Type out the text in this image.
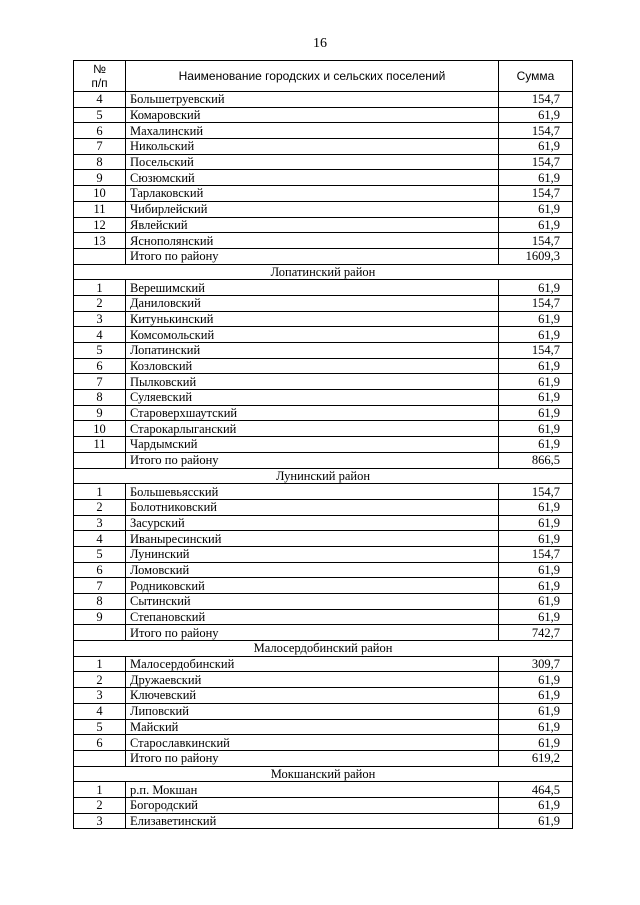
16
№
п/п	Наименование городских и сельских поселений	Сумма
4	Большетруевский	154,7
5	Комаровский	61,9
6	Махалинский	154,7
7	Никольский	61,9
8	Посельский	154,7
9	Сюзюмский	61,9
10	Тарлаковский	154,7
11	Чибирлейский	61,9
12	Явлейский	61,9
13	Яснополянский	154,7
	Итого по району	1609,3
Лопатинский район		
1	Верешимский	61,9
2	Даниловский	154,7
3	Китунькинский	61,9
4	Комсомольский	61,9
5	Лопатинский	154,7
6	Козловский	61,9
7	Пылковский	61,9
8	Суляевский	61,9
9	Староверхшаутский	61,9
10	Старокарлыганский	61,9
11	Чардымский	61,9
	Итого по району	866,5
Лунинский район		
1	Большевьясский	154,7
2	Болотниковский	61,9
3	Засурский	61,9
4	Иваныресинский	61,9
5	Лунинский	154,7
6	Ломовский	61,9
7	Родниковский	61,9
8	Сытинский	61,9
9	Степановский	61,9
	Итого по району	742,7
Малосердобинский район		
1	Малосердобинский	309,7
2	Дружаевский	61,9
3	Ключевский	61,9
4	Липовский	61,9
5	Майский	61,9
6	Старославкинский	61,9
	Итого по району	619,2
Мокшанский район		
1	р.п. Мокшан	464,5
2	Богородский	61,9
3	Елизаветинский	61,9
